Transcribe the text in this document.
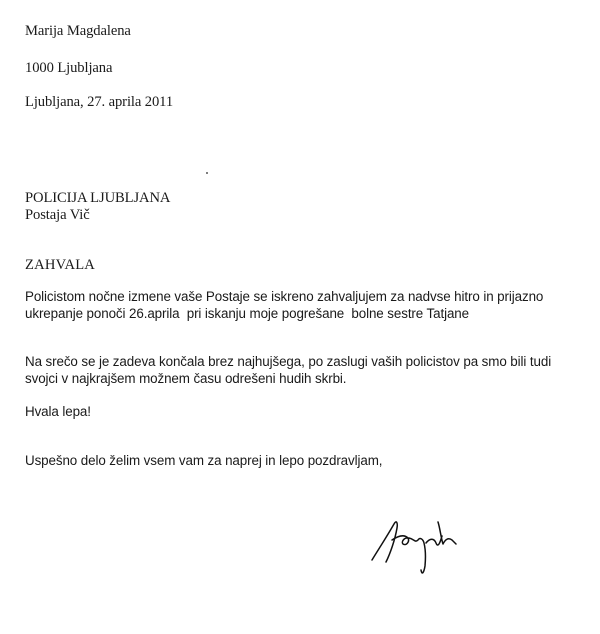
Marija Magdalena
1000 Ljubljana
Ljubljana, 27. aprila 2011
POLICIJA LJUBLJANA
Postaja Vič
ZAHVALA
Policistom nočne izmene vaše Postaje se iskreno zahvaljujem za nadvse hitro in prijazno
ukrepanje ponoči 26.aprila  pri iskanju moje pogrešane  bolne sestre Tatjane
Na srečo se je zadeva končala brez najhujšega, po zaslugi vaših policistov pa smo bili tudi
svojci v najkrajšem možnem času odrešeni hudih skrbi.
Hvala lepa!
Uspešno delo želim vsem vam za naprej in lepo pozdravljam,
